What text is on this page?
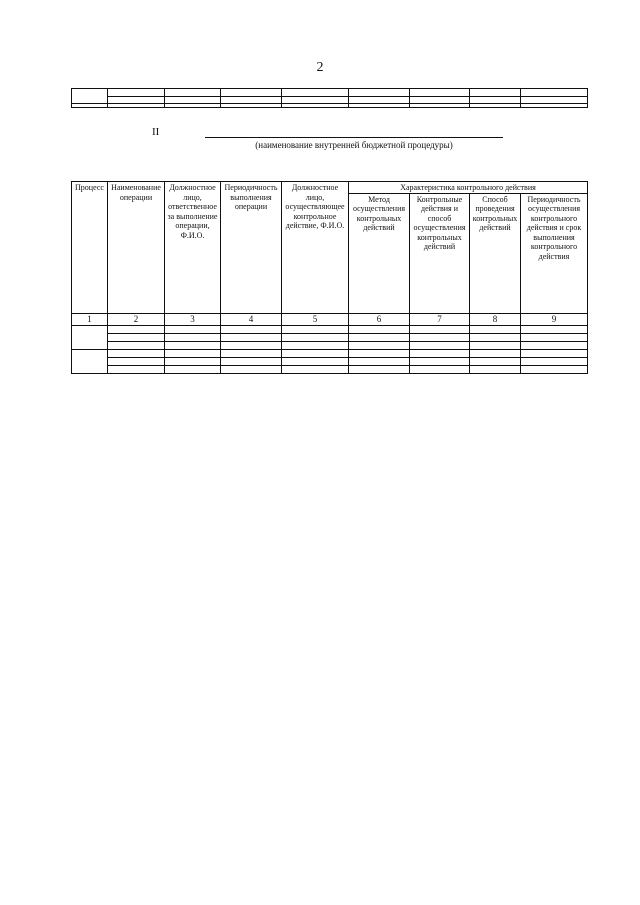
2

II
(наименование внутренней бюджетной процедуры)
Процесс	Наименование операции	Должностное лицо, ответственное за выполнение операции, Ф.И.О.	Периодичность выполнения операции	Должностное лицо, осуществляющее контрольное действие, Ф.И.О.	Характеристика контрольного действия			
					Метод осуществления контрольных действий	Контрольные действия и способ осуществления контрольных действий	Способ проведения контрольных действий	Периодичность осуществления контрольного действия и срок выполнения контрольного действия
1	2	3	4	5	6	7	8	9
